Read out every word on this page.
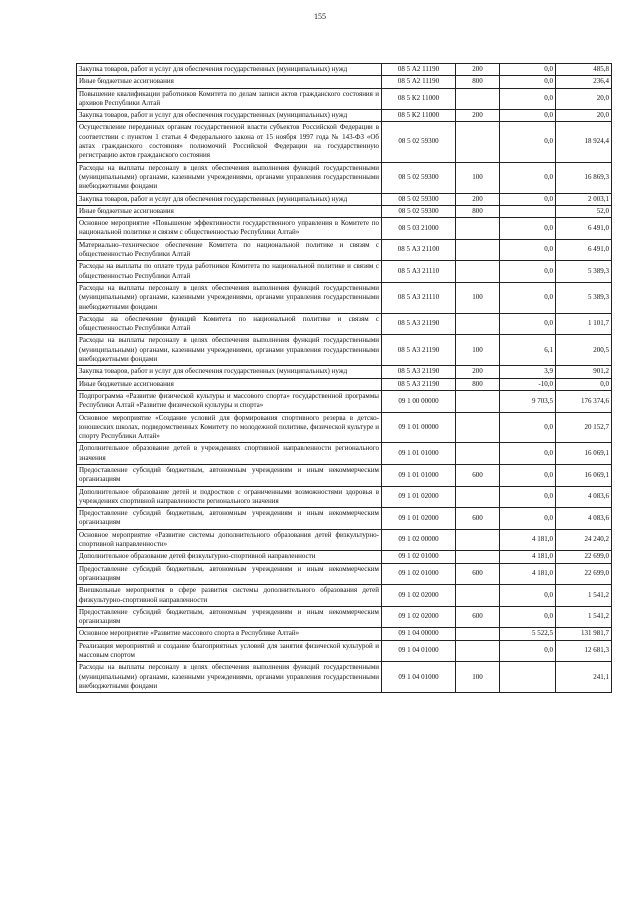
155
Закупка товаров, работ и услуг для обеспечения государственных (муниципальных) нужд	08 5 А2 11190	200	0,0	485,8
Иные бюджетные ассигнования	08 5 А2 11190	800	0,0	236,4
Повышение квалификации работников Комитета по делам записи актов гражданского состояния и архивов Республики Алтай	08 5 К2 11000		0,0	20,0
Закупка товаров, работ и услуг для обеспечения государственных (муниципальных) нужд	08 5 К2 11000	200	0,0	20,0
Осуществление переданных органам государственной власти субъектов Российской Федерации в соответствии с пунктом 1 статьи 4 Федерального закона от 15 ноября 1997 года № 143-ФЗ «Об актах гражданского состояния» полномочий Российской Федерации на государственную регистрацию актов гражданского состояния	08 5 02 59300		0,0	18 924,4
Расходы на выплаты персоналу в целях обеспечения выполнения функций государственными (муниципальными) органами, казенными учреждениями, органами управления государственными внебюджетными фондами	08 5 02 59300	100	0,0	16 869,3
Закупка товаров, работ и услуг для обеспечения государственных (муниципальных) нужд	08 5 02 59300	200	0,0	2 003,1
Иные бюджетные ассигнования	08 5 02 59300	800		52,0
Основное мероприятие «Повышение эффективности государственного управления в Комитете по национальной политике и связям с общественностью Республики Алтай»	08 5 03 21000		0,0	6 491,0
Материально–техническое обеспечение Комитета по национальной политике и связям с общественностью Республики Алтай	08 5 А3 21100		0,0	6 491,0
Расходы на выплаты по оплате труда работников Комитета по национальной политике и связям с общественностью Республики Алтай	08 5 А3 21110		0,0	5 389,3
Расходы на выплаты персоналу в целях обеспечения выполнения функций государственными (муниципальными) органами, казенными учреждениями, органами управления государственными внебюджетными фондами	08 5 А3 21110	100	0,0	5 389,3
Расходы на обеспечение функций Комитета по национальной политике и связям с общественностью Республики Алтай	08 5 А3 21190		0,0	1 101,7
Расходы на выплаты персоналу в целях обеспечения выполнения функций государственными (муниципальными) органами, казенными учреждениями, органами управления государственными внебюджетными фондами	08 5 А3 21190	100	6,1	200,5
Закупка товаров, работ и услуг для обеспечения государственных (муниципальных) нужд	08 5 А3 21190	200	3,9	901,2
Иные бюджетные ассигнования	08 5 А3 21190	800	-10,0	0,0
Подпрограмма «Развитие физической культуры и массового спорта» государственной программы Республики Алтай «Развитие физической культуры и спорта»	09 1 00 00000		9 703,5	176 374,6
Основное мероприятие «Создание условий для формирования спортивного резерва в детско-юношеских школах, подведомственных Комитету по молодежной политике, физической культуре и спорту Республики Алтай»	09 1 01 00000		0,0	20 152,7
Дополнительное образование детей в учреждениях спортивной направленности регионального значения	09 1 01 01000		0,0	16 069,1
Предоставление субсидий бюджетным, автономным учреждениям и иным некоммерческим организациям	09 1 01 01000	600	0,0	16 069,1
Дополнительное образование детей и подростков с ограниченными возможностями здоровья в учреждениях спортивной направленности регионального значения	09 1 01 02000		0,0	4 083,6
Предоставление субсидий бюджетным, автономным учреждениям и иным некоммерческим организациям	09 1 01 02000	600	0,0	4 083,6
Основное мероприятие «Развитие системы дополнительного образования детей физкультурно-спортивной направленности»	09 1 02 00000		4 181,0	24 240,2
Дополнительное образование детей физкультурно-спортивной направленности	09 1 02 01000		4 181,0	22 699,0
Предоставление субсидий бюджетным, автономным учреждениям и иным некоммерческим организациям	09 1 02 01000	600	4 181,0	22 699,0
Внешкольные мероприятия в сфере развития системы дополнительного образования детей физкультурно-спортивной направленности	09 1 02 02000		0,0	1 541,2
Предоставление субсидий бюджетным, автономным учреждениям и иным некоммерческим организациям	09 1 02 02000	600	0,0	1 541,2
Основное мероприятие «Развитие массового спорта в Республике Алтай»	09 1 04 00000		5 522,5	131 981,7
Реализация мероприятий и создание благоприятных условий для занятия физической культурой и массовым спортом	09 1 04 01000		0,0	12 681,3
Расходы на выплаты персоналу в целях обеспечения выполнения функций государственными (муниципальными) органами, казенными учреждениями, органами управления государственными внебюджетными фондами	09 1 04 01000	100		241,1
